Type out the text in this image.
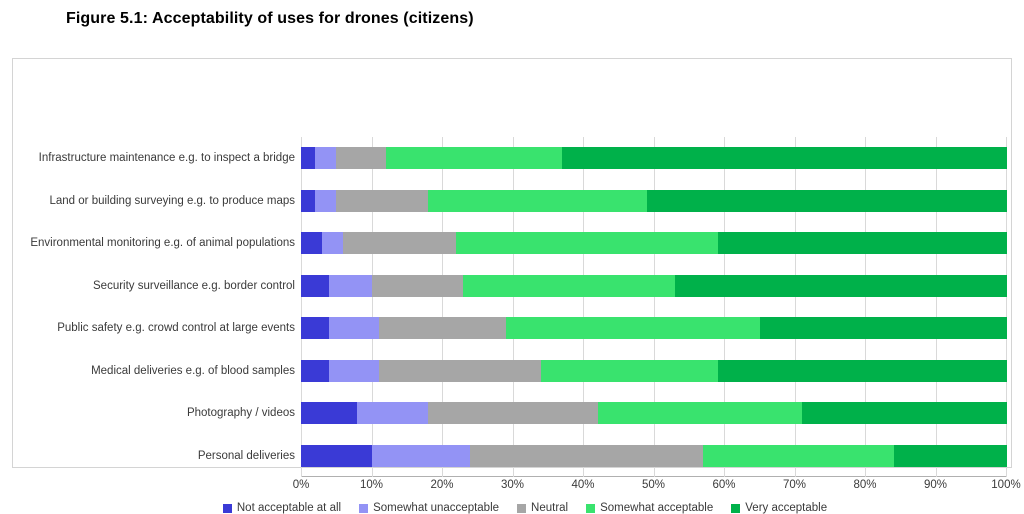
Figure 5.1: Acceptability of uses for drones (citizens)
Infrastructure maintenance e.g. to inspect a bridge
Land or building surveying e.g. to produce maps
Environmental monitoring e.g. of animal populations
Security surveillance e.g. border control
Public safety e.g. crowd control at large events
Medical deliveries e.g. of blood samples
Photography / videos
Personal deliveries
0%	10%	20%	30%	40%	50%	60%	70%	80%	90%	100%
Not acceptable at all	Somewhat unacceptable	Neutral	Somewhat acceptable	Very acceptable
